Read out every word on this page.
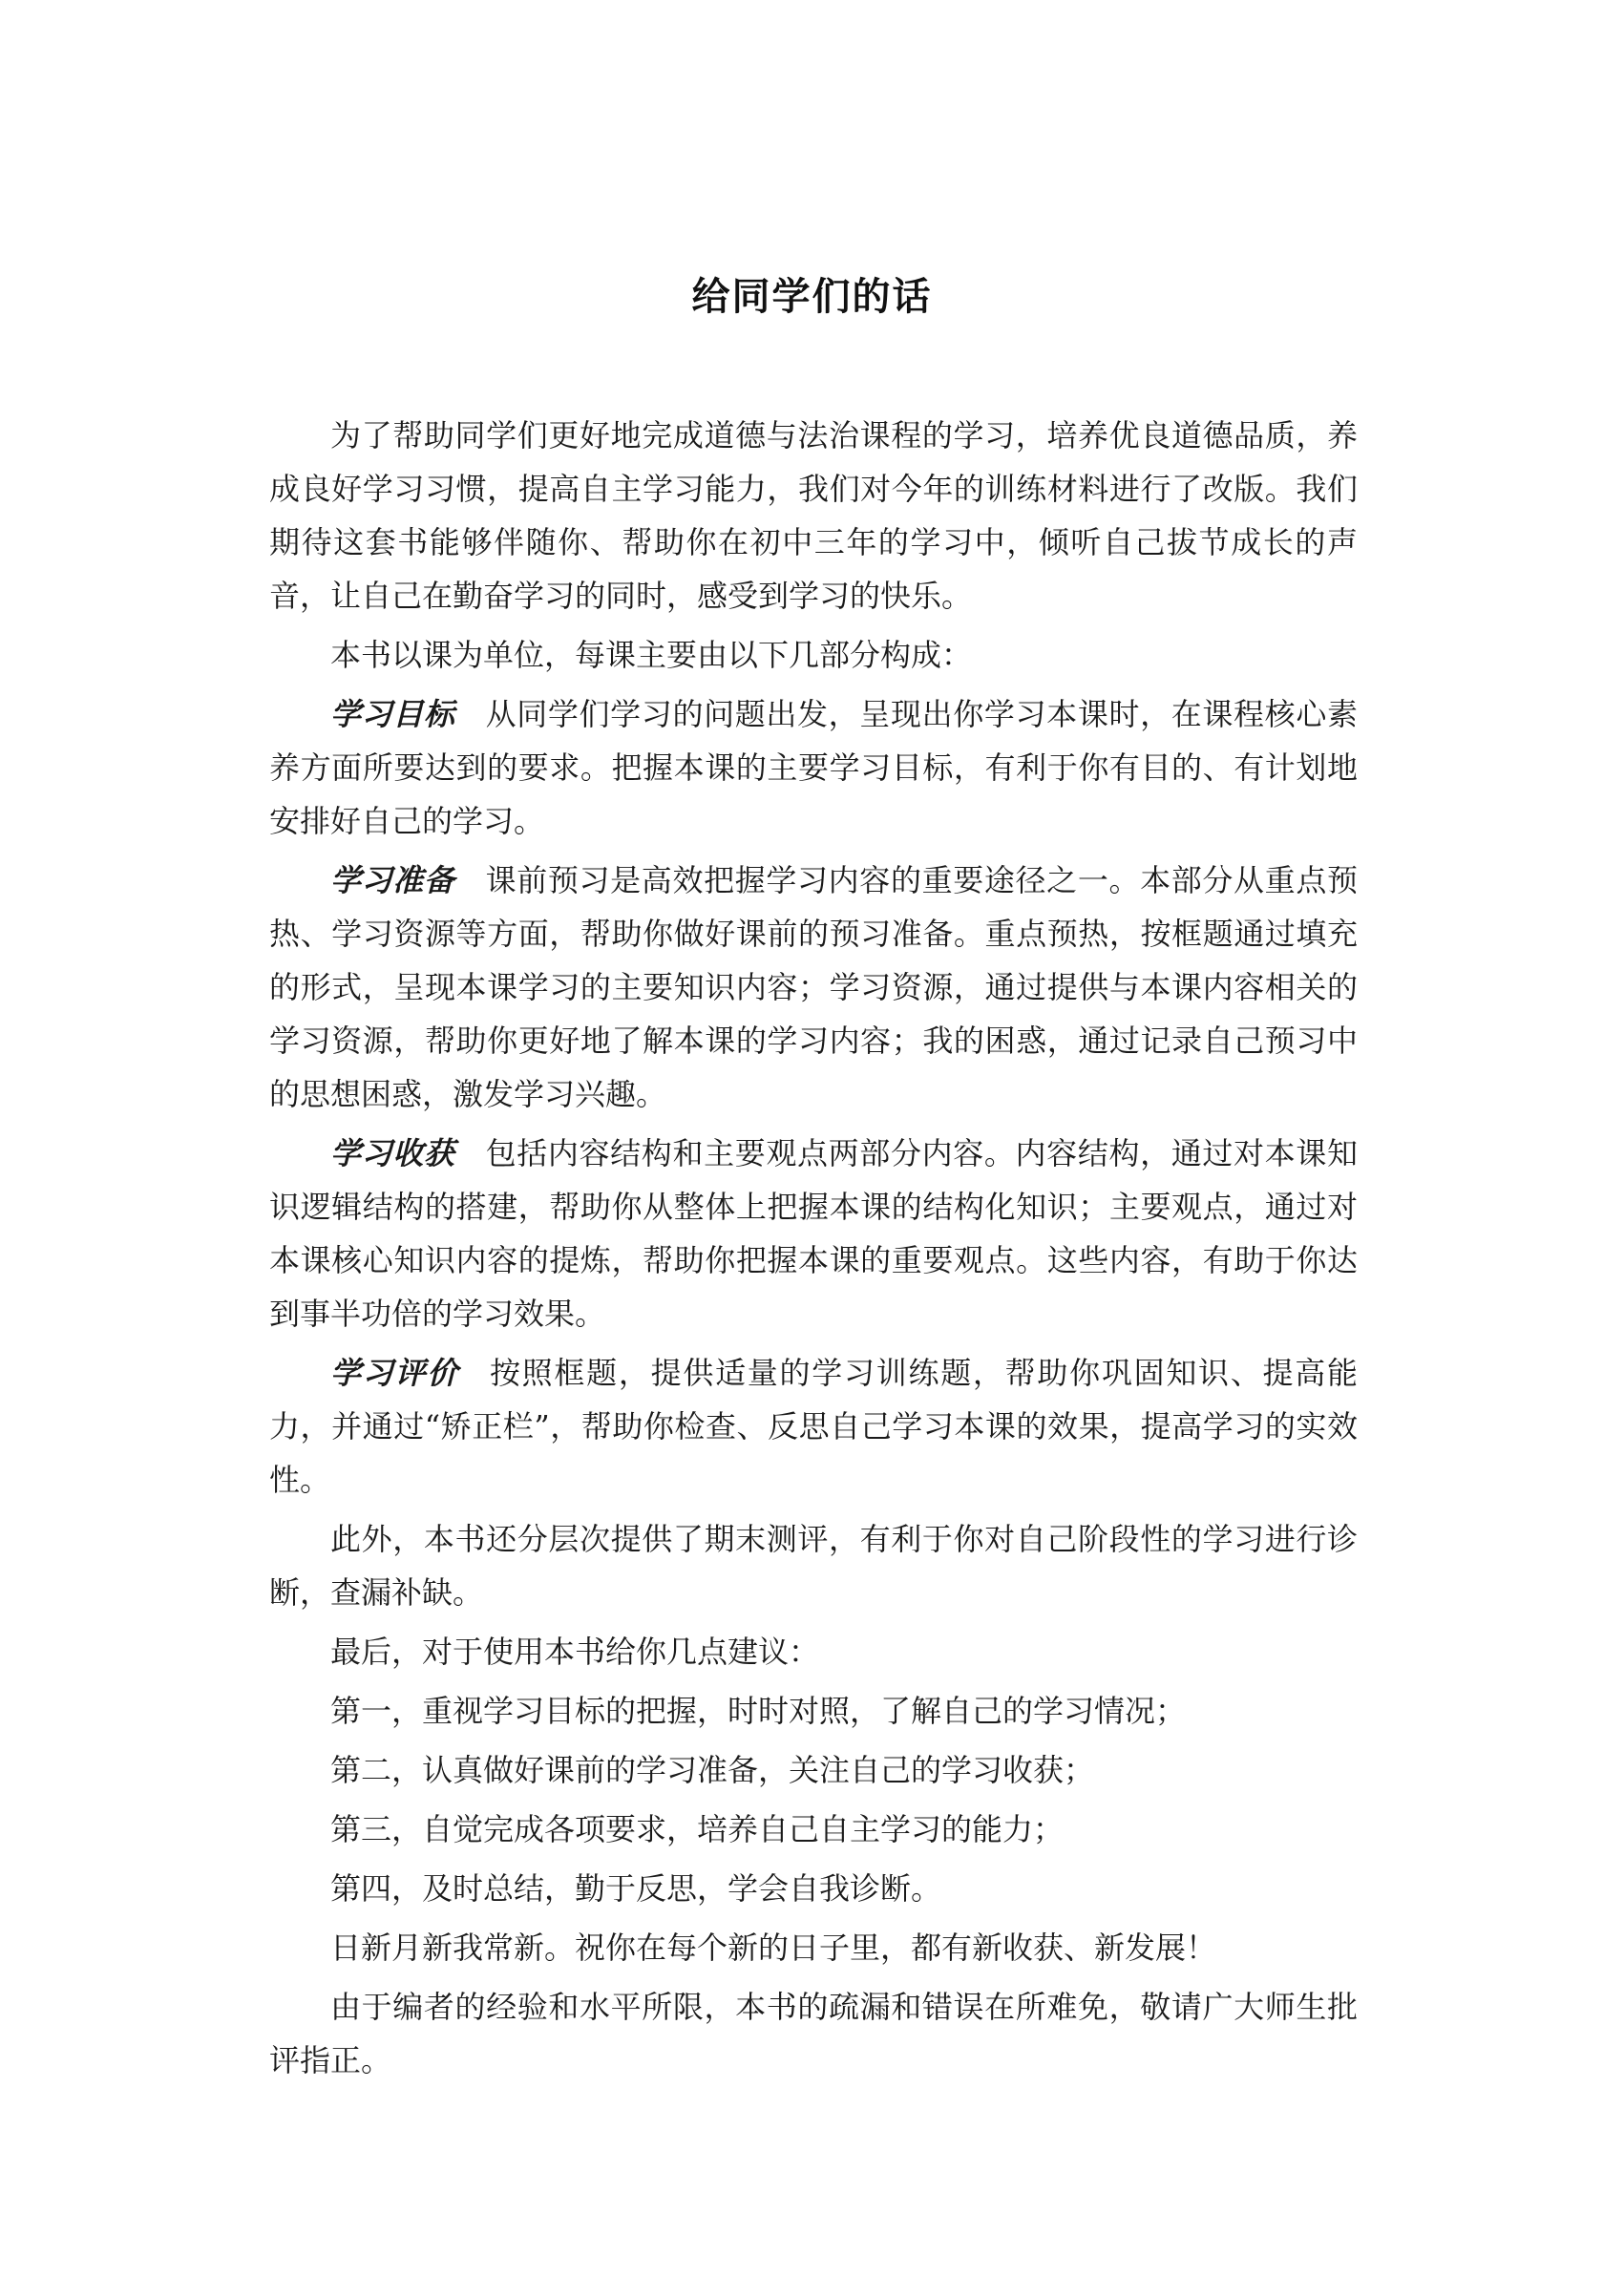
给同学们的话

为了帮助同学们更好地完成道德与法治课程的学习，培养优良道德品质，养成良好学习习惯，提高自主学习能力，我们对今年的训练材料进行了改版。我们期待这套书能够伴随你、帮助你在初中三年的学习中，倾听自己拔节成长的声音，让自己在勤奋学习的同时，感受到学习的快乐。

本书以课为单位，每课主要由以下几部分构成：

学习目标 从同学们学习的问题出发，呈现出你学习本课时，在课程核心素养方面所要达到的要求。把握本课的主要学习目标，有利于你有目的、有计划地安排好自己的学习。

学习准备 课前预习是高效把握学习内容的重要途径之一。本部分从重点预热、学习资源等方面，帮助你做好课前的预习准备。重点预热，按框题通过填充的形式，呈现本课学习的主要知识内容；学习资源，通过提供与本课内容相关的学习资源，帮助你更好地了解本课的学习内容；我的困惑，通过记录自己预习中的思想困惑，激发学习兴趣。

学习收获 包括内容结构和主要观点两部分内容。内容结构，通过对本课知识逻辑结构的搭建，帮助你从整体上把握本课的结构化知识；主要观点，通过对本课核心知识内容的提炼，帮助你把握本课的重要观点。这些内容，有助于你达到事半功倍的学习效果。

学习评价 按照框题，提供适量的学习训练题，帮助你巩固知识、提高能力，并通过“矫正栏”，帮助你检查、反思自己学习本课的效果，提高学习的实效性。

此外，本书还分层次提供了期末测评，有利于你对自己阶段性的学习进行诊断，查漏补缺。

最后，对于使用本书给你几点建议：

第一，重视学习目标的把握，时时对照，了解自己的学习情况；

第二，认真做好课前的学习准备，关注自己的学习收获；

第三，自觉完成各项要求，培养自己自主学习的能力；

第四，及时总结，勤于反思，学会自我诊断。

日新月新我常新。祝你在每个新的日子里，都有新收获、新发展！

由于编者的经验和水平所限，本书的疏漏和错误在所难免，敬请广大师生批评指正。
